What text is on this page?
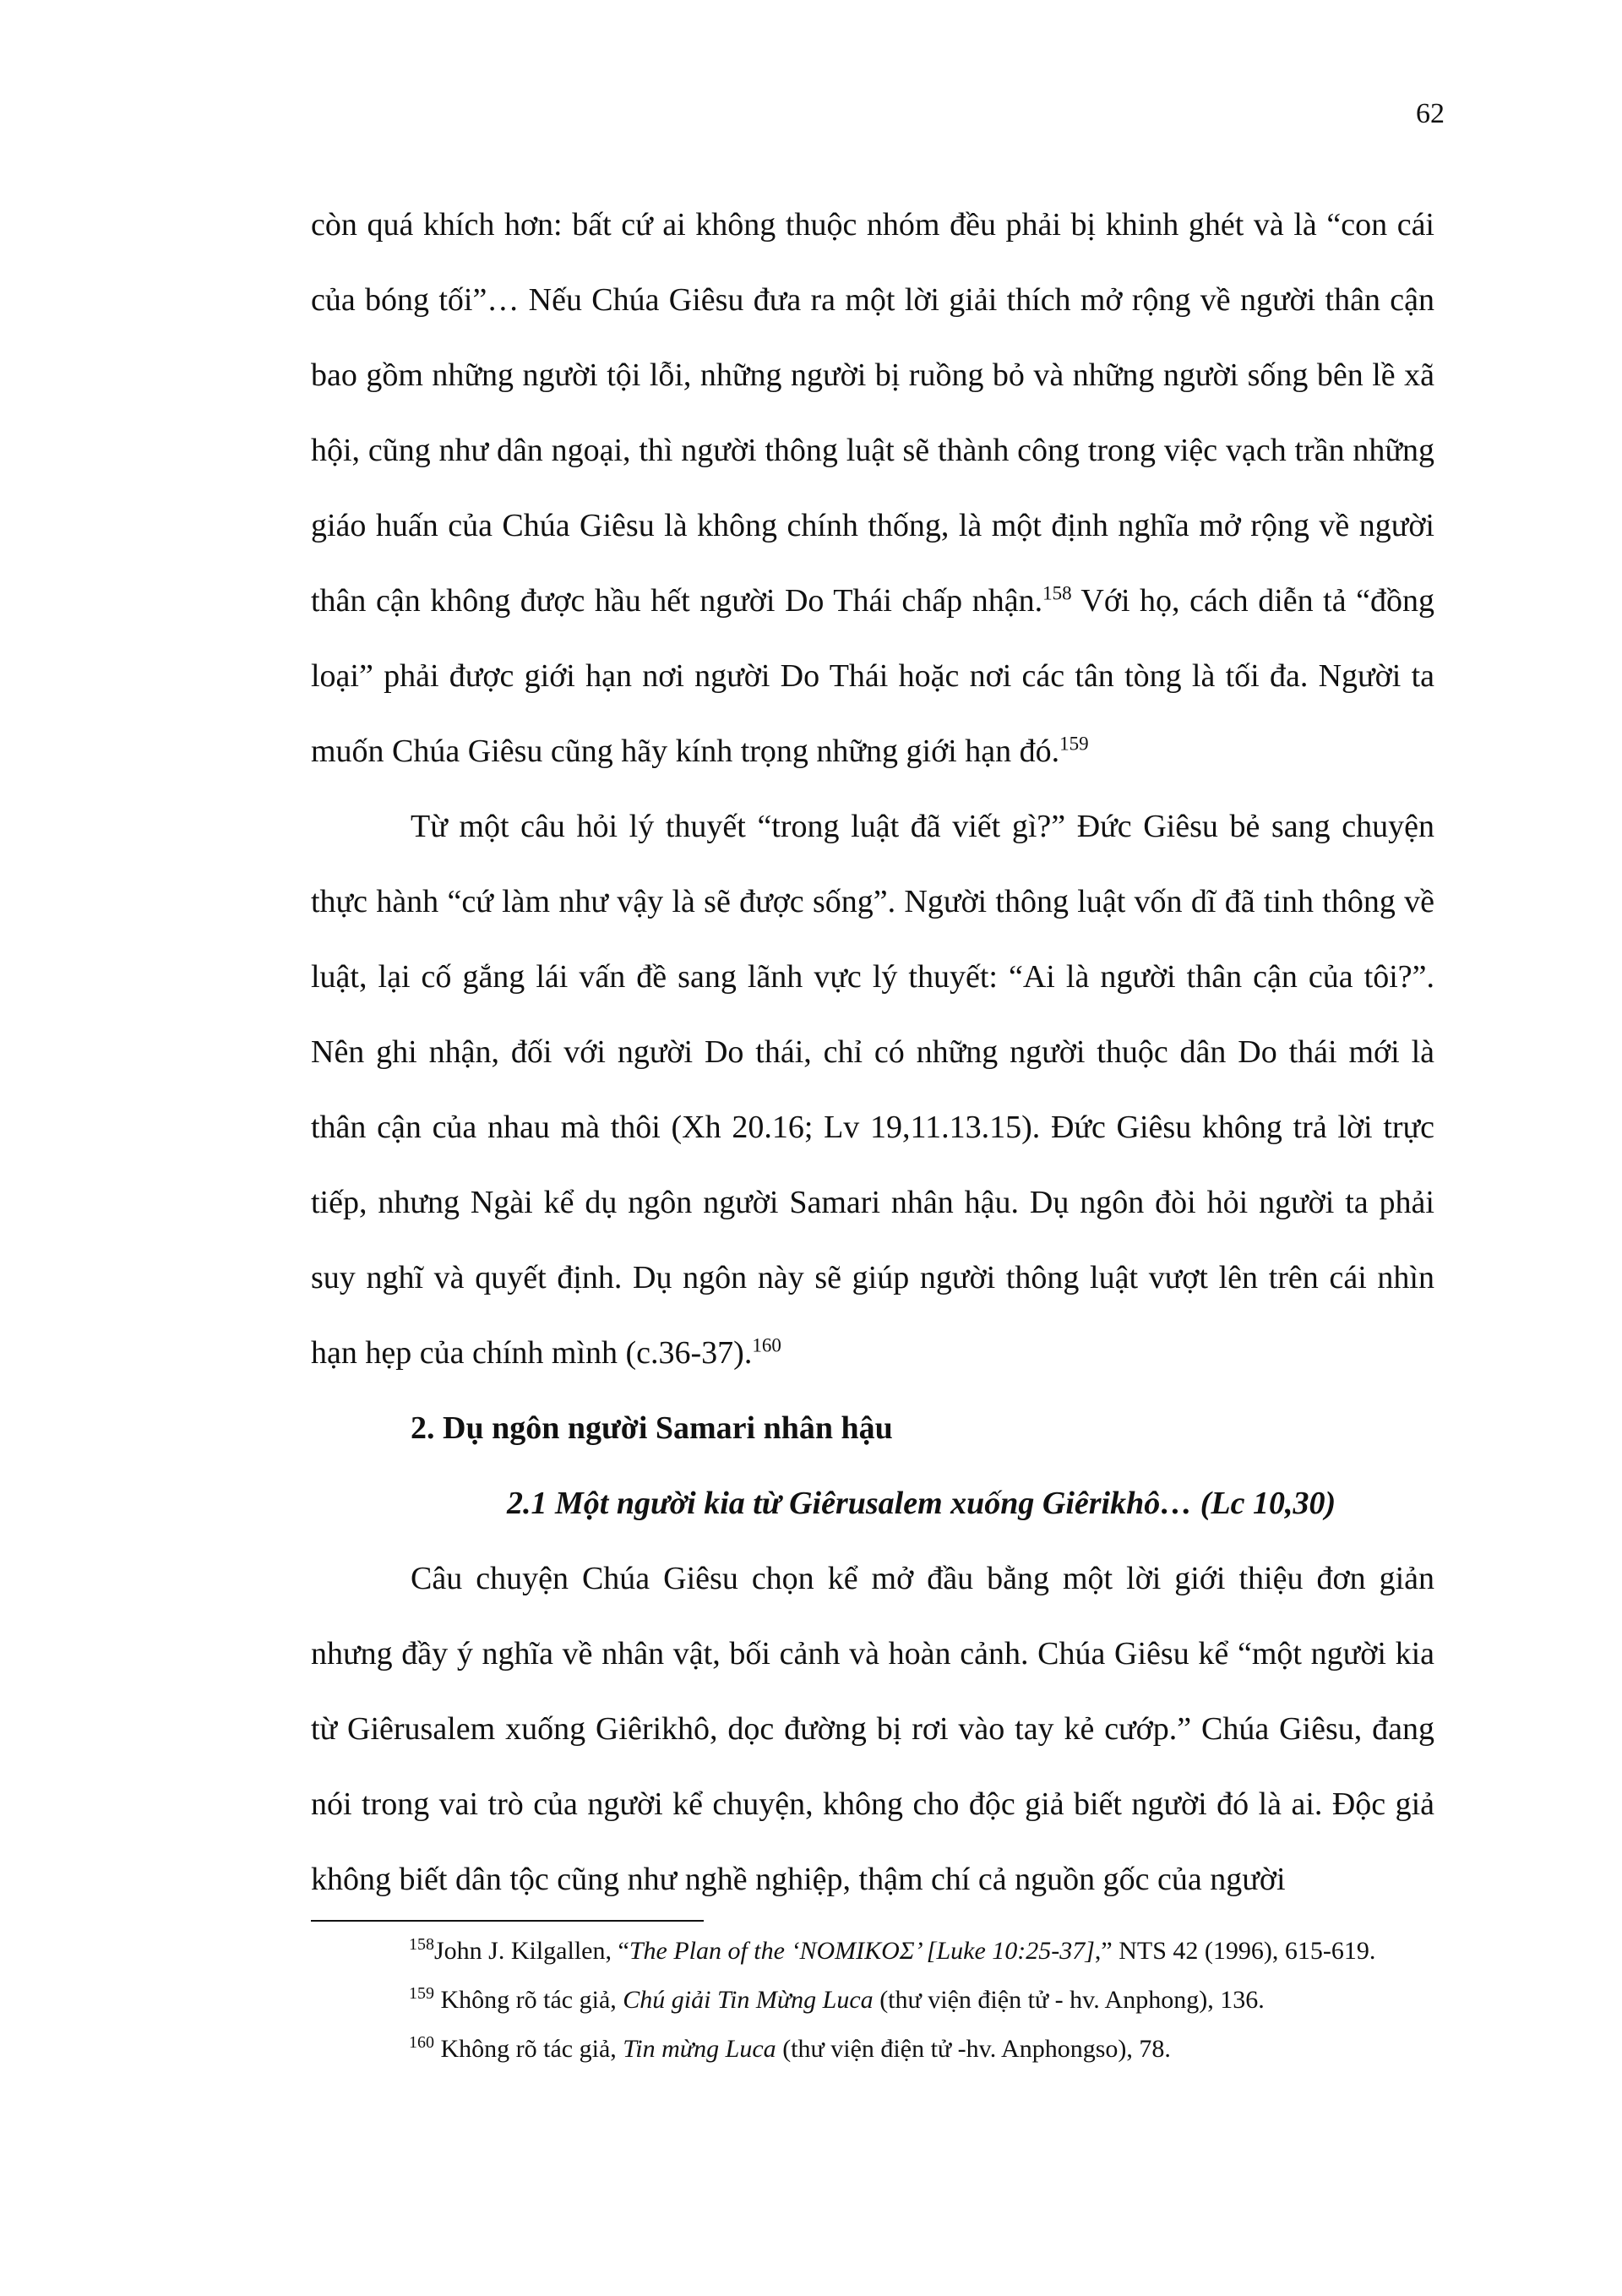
62

còn quá khích hơn: bất cứ ai không thuộc nhóm đều phải bị khinh ghét và là “con cái của bóng tối”… Nếu Chúa Giêsu đưa ra một lời giải thích mở rộng về người thân cận bao gồm những người tội lỗi, những người bị ruồng bỏ và những người sống bên lề xã hội, cũng như dân ngoại, thì người thông luật sẽ thành công trong việc vạch trần những giáo huấn của Chúa Giêsu là không chính thống, là một định nghĩa mở rộng về người thân cận không được hầu hết người Do Thái chấp nhận.$^{158}$ Với họ, cách diễn tả “đồng loại” phải được giới hạn nơi người Do Thái hoặc nơi các tân tòng là tối đa. Người ta muốn Chúa Giêsu cũng hãy kính trọng những giới hạn đó.$^{159}$

Từ một câu hỏi lý thuyết “trong luật đã viết gì?” Đức Giêsu bẻ sang chuyện thực hành “cứ làm như vậy là sẽ được sống”. Người thông luật vốn dĩ đã tinh thông về luật, lại cố gắng lái vấn đề sang lãnh vực lý thuyết: “Ai là người thân cận của tôi?”. Nên ghi nhận, đối với người Do thái, chỉ có những người thuộc dân Do thái mới là thân cận của nhau mà thôi (Xh 20.16; Lv 19,11.13.15). Đức Giêsu không trả lời trực tiếp, nhưng Ngài kể dụ ngôn người Samari nhân hậu. Dụ ngôn đòi hỏi người ta phải suy nghĩ và quyết định. Dụ ngôn này sẽ giúp người thông luật vượt lên trên cái nhìn hạn hẹp của chính mình (c.36-37).$^{160}$

2. Dụ ngôn người Samari nhân hậu
2.1 Một người kia từ Giêrusalem xuống Giêrikhô… (Lc 10,30)

Câu chuyện Chúa Giêsu chọn kể mở đầu bằng một lời giới thiệu đơn giản nhưng đầy ý nghĩa về nhân vật, bối cảnh và hoàn cảnh. Chúa Giêsu kể “một người kia từ Giêrusalem xuống Giêrikhô, dọc đường bị rơi vào tay kẻ cướp.” Chúa Giêsu, đang nói trong vai trò của người kể chuyện, không cho độc giả biết người đó là ai. Độc giả không biết dân tộc cũng như nghề nghiệp, thậm chí cả nguồn gốc của người

$^{158}$John J. Kilgallen, “The Plan of the ‘NOMIKOΣ’ [Luke 10:25-37],” NTS 42 (1996), 615-619.

$^{159}$ Không rõ tác giả, Chú giải Tin Mừng Luca (thư viện điện tử - hv. Anphong), 136.

$^{160}$ Không rõ tác giả, Tin mừng Luca (thư viện điện tử -hv. Anphongso), 78.
